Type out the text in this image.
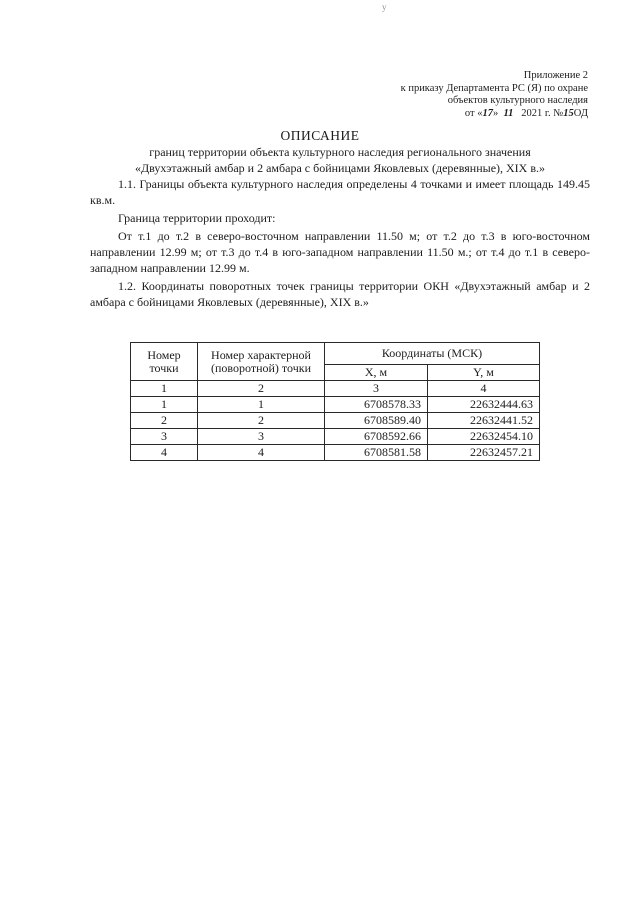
у
Приложение 2
к приказу Департамента РС (Я) по охране
объектов культурного наследия
от «17» 11 2021 г. №15ОД
ОПИСАНИЕ
границ территории объекта культурного наследия регионального значения
«Двухэтажный амбар и 2 амбара с бойницами Яковлевых (деревянные), XIX в.»

1.1. Границы объекта культурного наследия определены 4 точками и имеет площадь 149.45 кв.м.

Граница территории проходит:

От т.1 до т.2 в северо-восточном направлении 11.50 м; от т.2 до т.3 в юго-восточном направлении 12.99 м; от т.3 до т.4 в юго-западном направлении 11.50 м.; от т.4 до т.1 в северо-западном направлении 12.99 м.

1.2. Координаты поворотных точек границы территории ОКН «Двухэтажный амбар и 2 амбара с бойницами Яковлевых (деревянные), XIX в.»

Номер точки	Номер характерной (поворотной) точки	Координаты (МСК)	
		X, м	Y, м
1	2	3	4
1	1	6708578.33	22632444.63
2	2	6708589.40	22632441.52
3	3	6708592.66	22632454.10
4	4	6708581.58	22632457.21
